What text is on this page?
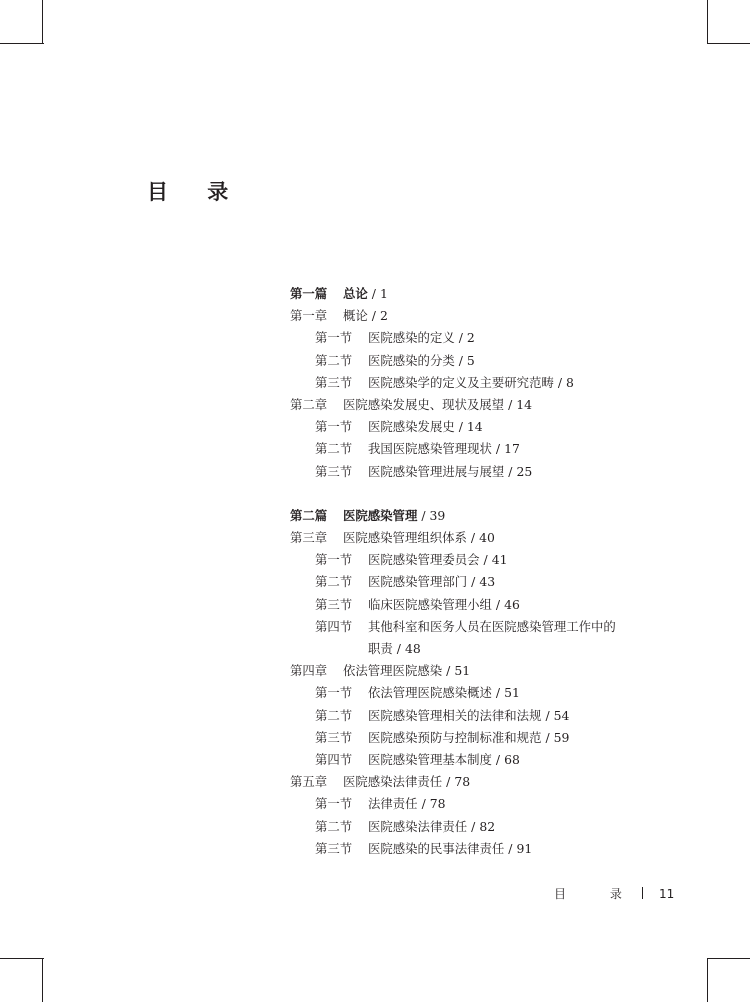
目 录
第一篇 总论 / 1
第一章 概论 / 2
第一节 医院感染的定义 / 2
第二节 医院感染的分类 / 5
第三节 医院感染学的定义及主要研究范畴 / 8
第二章 医院感染发展史、现状及展望 / 14
第一节 医院感染发展史 / 14
第二节 我国医院感染管理现状 / 17
第三节 医院感染管理进展与展望 / 25
第二篇 医院感染管理 / 39
第三章 医院感染管理组织体系 / 40
第一节 医院感染管理委员会 / 41
第二节 医院感染管理部门 / 43
第三节 临床医院感染管理小组 / 46
第四节 其他科室和医务人员在医院感染管理工作中的
职责 / 48
第四章 依法管理医院感染 / 51
第一节 依法管理医院感染概述 / 51
第二节 医院感染管理相关的法律和法规 / 54
第三节 医院感染预防与控制标准和规范 / 59
第四节 医院感染管理基本制度 / 68
第五章 医院感染法律责任 / 78
第一节 法律责任 / 78
第二节 医院感染法律责任 / 82
第三节 医院感染的民事法律责任 / 91
目 录 11
